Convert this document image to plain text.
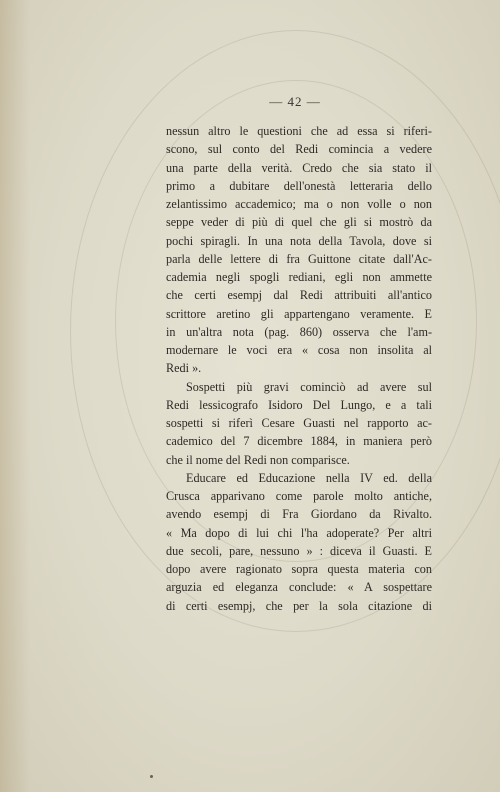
— 42 —
nessun altro le questioni che ad essa si riferi-
scono, sul conto del Redi comincia a vedere
una parte della verità. Credo che sia stato il
primo a dubitare dell'onestà letteraria dello
zelantissimo accademico; ma o non volle o non
seppe veder di più di quel che gli si mostrò da
pochi spiragli. In una nota della Tavola, dove si
parla delle lettere di fra Guittone citate dall'Ac-
cademia negli spogli rediani, egli non ammette
che certi esempj dal Redi attribuiti all'antico
scrittore aretino gli appartengano veramente. E
in un'altra nota (pag. 860) osserva che l'am-
modernare le voci era « cosa non insolita al
Redi ».
Sospetti più gravi cominciò ad avere sul
Redi lessicografo Isidoro Del Lungo, e a tali
sospetti si riferì Cesare Guasti nel rapporto ac-
cademico del 7 dicembre 1884, in maniera però
che il nome del Redi non comparisce.
Educare ed Educazione nella IV ed. della
Crusca apparivano come parole molto antiche,
avendo esempj di Fra Giordano da Rivalto.
« Ma dopo di lui chi l'ha adoperate? Per altri
due secoli, pare, nessuno » : diceva il Guasti. E
dopo avere ragionato sopra questa materia con
arguzia ed eleganza conclude: « A sospettare
di certi esempj, che per la sola citazione di
